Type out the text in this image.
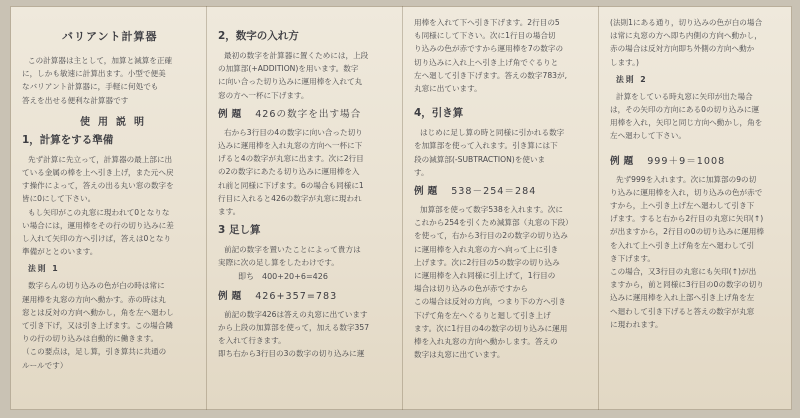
バリアント計算器

この計算器は主として，加算と減算を正確

に，しかも敏速に計算出ます。小型で便美

なバリアント計算器に，手軽に何処でも

答えを出せる便利な計算器です

使用説明
1，計算をする準備

先ず計算に先立って，計算器の最上部に出

ている金属の棒を上へ引き上げ，また元へ戻

す操作によって，答えの出る丸い窓の数字を

皆に0にして下さい。

もし矢印がこの丸窓に現われて0となりな

い場合には，運用棒をその行の切り込みに差

し入れて矢印の方へ引けば，答えは0となり

準備がととのいます。

法則 1

数字らんの切り込みの色が白の時は常に

運用棒を丸窓の方向へ動かす。赤の時は丸

窓とは反対の方向へ動かし，角を左へ廻わし

て引き下げ，又は引き上げます。この場合隣

りの行の切り込みは自動的に働きます。

（この要点は，足し算，引き算共に共通の

ルールです）

2，数字の入れ方

最初の数字を計算器に置くためには，上段

の加算部(+ADDITION)を用います。数字

に向い合った切り込みに運用棒を入れて丸

窓の方へ一杯に下げます。

例題 426の数字を出す場合

右から3行目の4の数字に向い合った切り

込みに運用棒を入れ丸窓の方向へ一杯に下

げると4の数字が丸窓に出ます。次に2行目

の2の数字にあたる切り込みに運用棒を入

れ前と同様に下げます。6の場合も同様に1

行目に入れると426の数字が丸窓に現われ

ます。

3 足し算

前記の数字を置いたことによって貴方は

実際に次の足し算をしたわけです。

即ち　400+20+6=426

例題 426+357=783

前記の数字426は答えの丸窓に出ています

から上段の加算部を使って，加える数字357

を入れて行きます。

即ち右から3行目の3の数字の切り込みに運

用棒を入れて下へ引き下げます。2行目の5

も同様にして下さい。次に1行目の場合切

り込みの色が赤ですから運用棒を7の数字の

切り込みに入れ上へ引き上げ角でぐるりと

左へ廻して引き下げます。答えの数字783が,

丸窓に出ています。

4，引き算

はじめに足し算の時と同様に引かれる数字

を加算部を使って入れます。引き算には下

段の減算部(-SUBTRACTION)を使いま

す。

例題 538－254＝284

加算部を使って数字538を入れます。次に

これから254を引くため減算部（丸窓の下段）

を使って，右から3行目の2の数字の切り込み

に運用棒を入れ丸窓の方へ向って上に引き

上げます。次に2行目の5の数字の切り込み

に運用棒を入れ同様に引上げて，1行目の

場合は切り込みの色が赤ですから

この場合は反対の方向，つまり下の方へ引き

下げて角を左へぐるりと廻して引き上げ

ます。次に1行目の4の数字の切り込みに運用

棒を入れ丸窓の方向へ動かします。答えの

数字は丸窓に出ています。

(法則1にある通り，切り込みの色が白の場合

は常に丸窓の方へ即ち内側の方向へ動かし，

赤の場合は反対方向即ち外側の方向へ動か

します。)

法則 2

計算をしている時丸窓に矢印が出た場合

は，その矢印の方向にある0の切り込みに運

用棒を入れ，矢印と同じ方向へ動かし，角を

左へ廻わして下さい。

例題 999＋9＝1008

先ず999を入れます。次に加算部の9の切

り込みに運用棒を入れ，切り込みの色が赤で

すから，上へ引き上げ左へ廻わして引き下

げます。すると右から2行目の丸窓に矢印(↑)

が出ますから，2行目の0の切り込みに運用棒

を入れて上へ引き上げ角を左へ廻わして引

き下げます。

この場合，又3行目の丸窓にも矢印(↑)が出

ますから，前と同様に3行目の0の数字の切り

込みに運用棒を入れ上部へ引き上げ角を左

へ廻わして引き下げると答えの数字が丸窓

に現われます。
